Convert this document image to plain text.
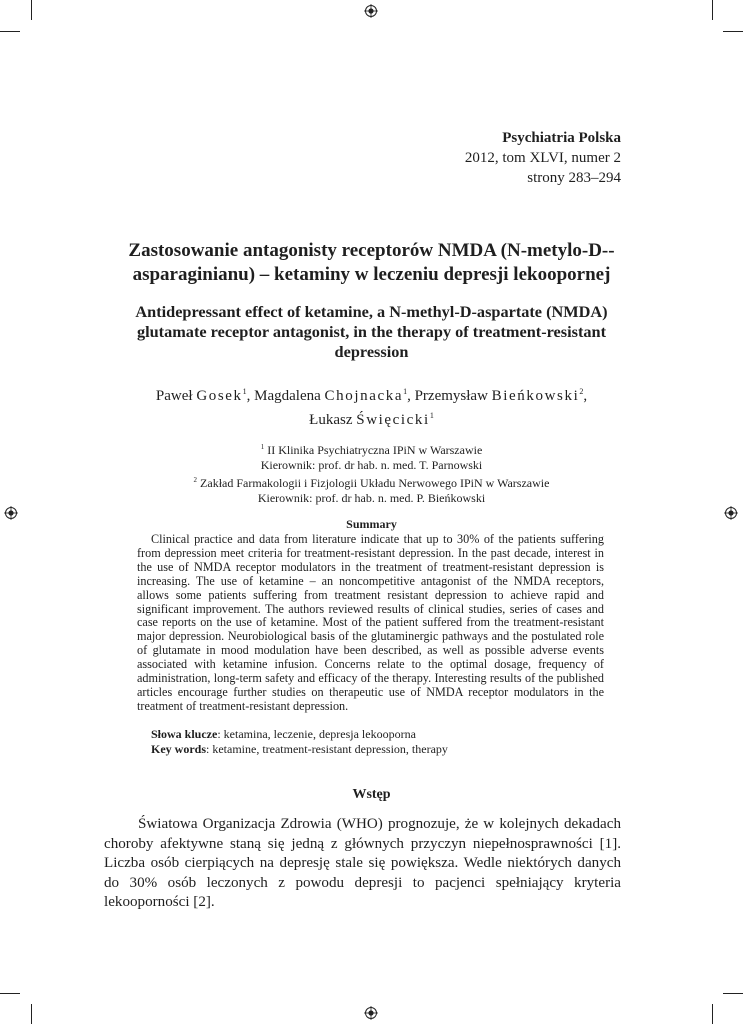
Psychiatria Polska
2012, tom XLVI, numer 2
strony 283–294
Zastosowanie antagonisty receptorów NMDA (N-metylo-D--asparaginianu) – ketaminy w leczeniu depresji lekoopornej
Antidepressant effect of ketamine, a N-methyl-D-aspartate (NMDA) glutamate receptor antagonist, in the therapy of treatment-resistant depression
Paweł Gosek$^1$, Magdalena Chojnacka$^1$, Przemysław Bieńkowski$^2$,
Łukasz Święcicki$^1$
$^1$ II Klinika Psychiatryczna IPiN w Warszawie
Kierownik: prof. dr hab. n. med. T. Parnowski
$^2$ Zakład Farmakologii i Fizjologii Układu Nerwowego IPiN w Warszawie
Kierownik: prof. dr hab. n. med. P. Bieńkowski
Summary

Clinical practice and data from literature indicate that up to 30% of the patients suffering from depression meet criteria for treatment-resistant depression. In the past decade, interest in the use of NMDA receptor modulators in the treatment of treatment-resistant depression is increasing. The use of ketamine – an noncompetitive antagonist of the NMDA receptors, allows some patients suffering from treatment resistant depression to achieve rapid and significant improvement. The authors reviewed results of clinical studies, series of cases and case reports on the use of ketamine. Most of the patient suffered from the treatment-resistant major depression. Neurobiological basis of the glutaminergic pathways and the postulated role of glutamate in mood modulation have been described, as well as possible adverse events associated with ketamine infusion. Concerns relate to the optimal dosage, frequency of administration, long-term safety and efficacy of the therapy. Interesting results of the published articles encourage further studies on therapeutic use of NMDA receptor modulators in the treatment of treatment-resistant depression.

Słowa klucze: ketamina, leczenie, depresja lekooporna
Key words: ketamine, treatment-resistant depression, therapy
Wstęp

Światowa Organizacja Zdrowia (WHO) prognozuje, że w kolejnych dekadach choroby afektywne staną się jedną z głównych przyczyn niepełnosprawności [1]. Liczba osób cierpiących na depresję stale się powiększa. Wedle niektórych danych do 30% osób leczonych z powodu depresji to pacjenci spełniający kryteria lekooporności [2].
